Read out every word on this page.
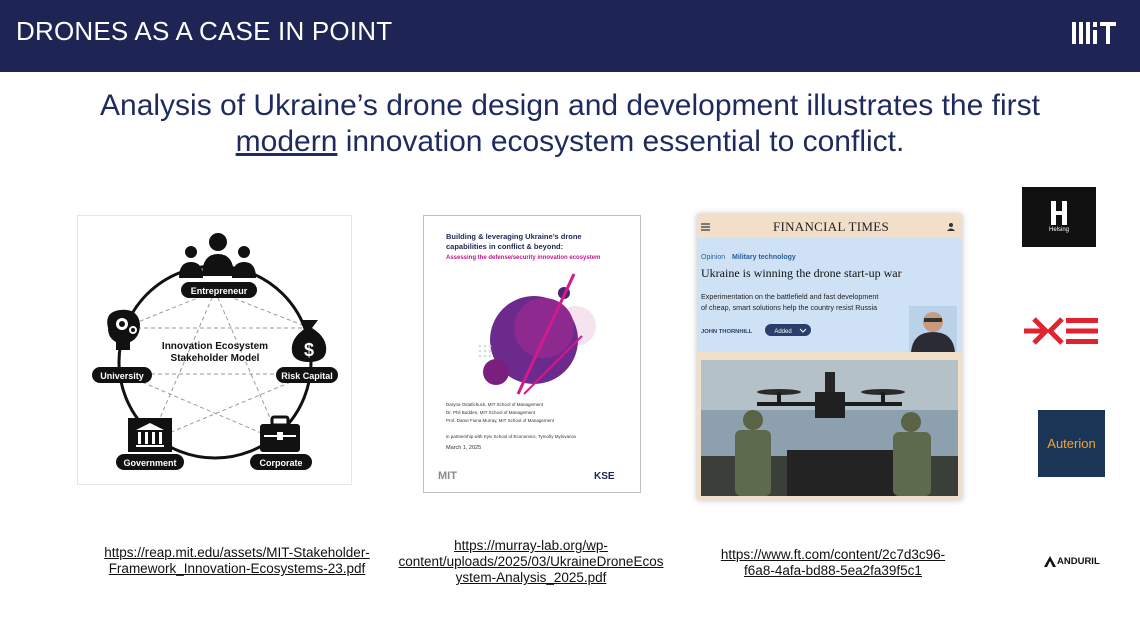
DRONES AS A CASE IN POINT
Analysis of Ukraine’s drone design and development illustrates the first
modern innovation ecosystem essential to conflict.
Entrepreneur
University
$
Risk Capital
Innovation Ecosystem
Stakeholder Model
Government	Corporate
Building & leveraging Ukraine’s drone
capabilities in conflict & beyond:
Assessing the defense/security innovation ecosystem
Daryna Ostafichuck, MIT School of Management
Dr. Phil Budden, MIT School of Management
Prof. Dame Fiona Murray, MIT School of Management
in partnership with Kyiv School of Economics, Tymofiy Mylovanov
March 1, 2025
MIT	KSE
FINANCIAL TIMES
Opinion Military technology
Ukraine is winning the drone start-up war
Experimentation on the battlefield and fast development
of cheap, smart solutions help the country resist Russia
JOHN THORNHILL	Added
https://reap.mit.edu/assets/MIT-Stakeholder-
Framework_Innovation-Ecosystems-23.pdf
https://murray-lab.org/wp-
content/uploads/2025/03/UkraineDroneEcos
ystem-Analysis_2025.pdf
https://www.ft.com/content/2c7d3c96-
f6a8-4afa-bd88-5ea2fa39f5c1
Helsing
Auterion
ANDURIL
